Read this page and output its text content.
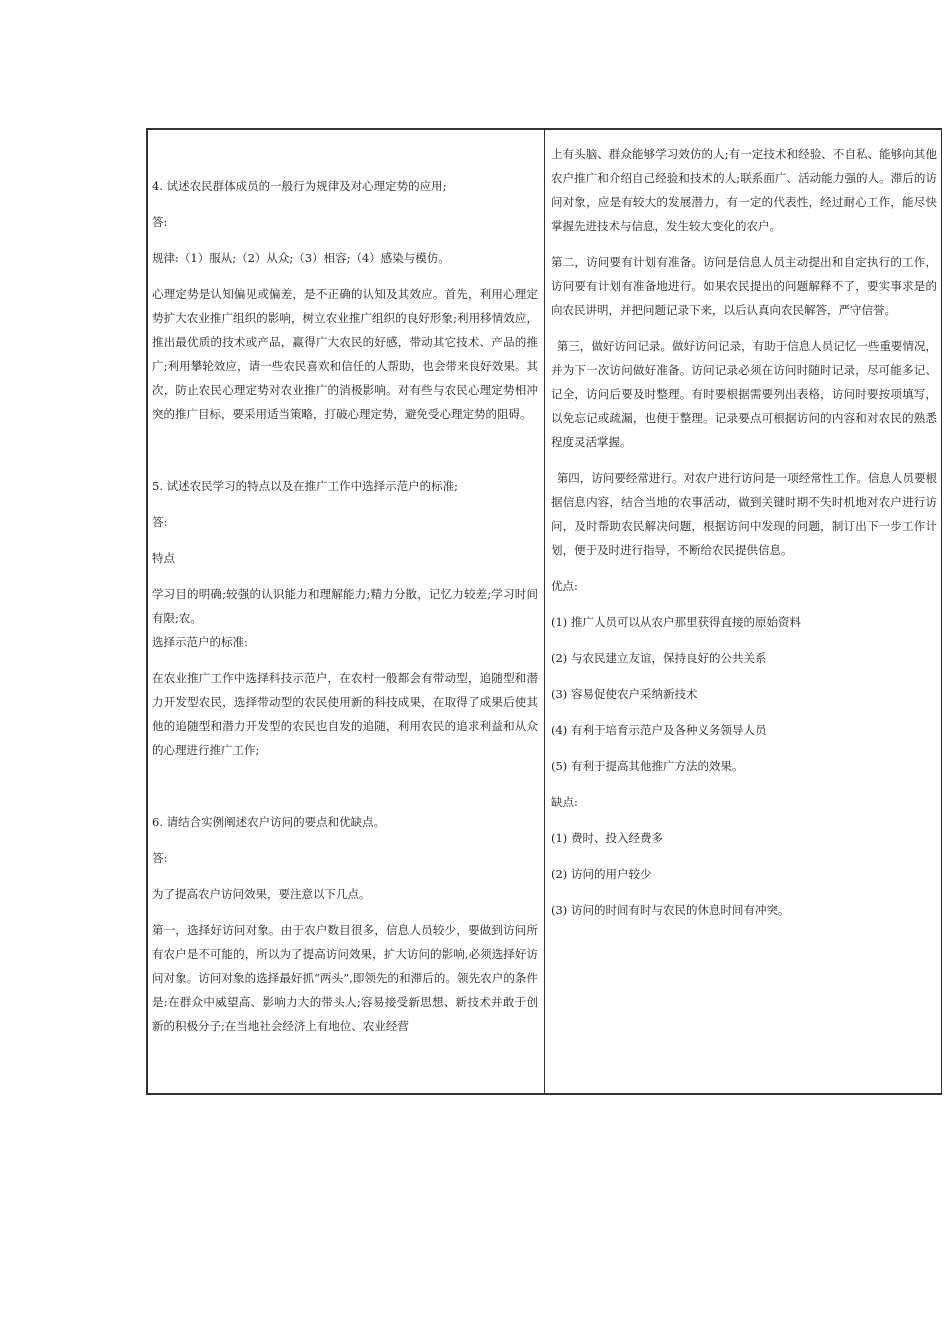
4. 试述农民群体成员的一般行为规律及对心理定势的应用;
答:
规律:（1）服从;（2）从众;（3）相容;（4）感染与模仿。
心理定势是认知偏见或偏差，是不正确的认知及其效应。首先，利用心理定势扩大农业推广组织的影响，树立农业推广组织的良好形象;利用移情效应，推出最优质的技术或产品，赢得广大农民的好感，带动其它技术、产品的推广;利用攀轮效应，请一些农民喜欢和信任的人帮助，也会带来良好效果。其次，防止农民心理定势对农业推广的消极影响。对有些与农民心理定势相冲突的推广目标，要采用适当策略，打破心理定势，避免受心理定势的阻碍。
5. 试述农民学习的特点以及在推广工作中选择示范户的标准;
答:
特点
学习目的明确;较强的认识能力和理解能力;精力分散，记忆力较差;学习时间有限;农。
选择示范户的标准:
在农业推广工作中选择科技示范户，在农村一般都会有带动型，追随型和潜力开发型农民，选择带动型的农民使用新的科技成果，在取得了成果后使其他的追随型和潜力开发型的农民也自发的追随，利用农民的追求利益和从众的心理进行推广工作;
6. 请结合实例阐述农户访问的要点和优缺点。
答:
为了提高农户访问效果，要注意以下几点。
第一，选择好访问对象。由于农户数目很多，信息人员较少，要做到访问所有农户是不可能的，所以为了提高访问效果，扩大访问的影响,必须选择好访问对象。访问对象的选择最好抓“两头”,即领先的和滞后的。领先农户的条件是:在群众中威望高、影响力大的带头人;容易接受新思想、新技术并敢于创新的积极分子;在当地社会经济上有地位、农业经营
上有头脑、群众能够学习效仿的人;有一定技术和经验、不自私、能够向其他农户推广和介绍自己经验和技术的人;联系面广、活动能力强的人。滞后的访问对象，应是有较大的发展潜力，有一定的代表性，经过耐心工作，能尽快掌握先进技术与信息，发生较大变化的农户。
第二，访问要有计划有准备。访问是信息人员主动提出和自定执行的工作，访问要有计划有准备地进行。如果农民提出的问题解释不了，要实事求是的向农民讲明，并把问题记录下来，以后认真向农民解答，严守信誉。
第三，做好访问记录。做好访问记录，有助于信息人员记忆一些重要情况，并为下一次访问做好准备。访问记录必须在访问时随时记录，尽可能多记、记全，访问后要及时整理。有时要根据需要列出表格，访问时要按项填写，以免忘记或疏漏，也便于整理。记录要点可根据访问的内容和对农民的熟悉程度灵活掌握。
第四，访问要经常进行。对农户进行访问是一项经常性工作。信息人员要根据信息内容，结合当地的农事活动，做到关键时期不失时机地对农户进行访问，及时帮助农民解决问题，根据访问中发现的问题，制订出下一步工作计划，便于及时进行指导，不断给农民提供信息。
优点:
(1) 推广人员可以从农户那里获得直接的原始资料
(2) 与农民建立友谊，保持良好的公共关系
(3) 容易促使农户采纳新技术
(4) 有利于培育示范户及各种义务领导人员
(5) 有利于提高其他推广方法的效果。
缺点:
(1) 费时、投入经费多
(2) 访问的用户较少
(3) 访问的时间有时与农民的休息时间有冲突。
